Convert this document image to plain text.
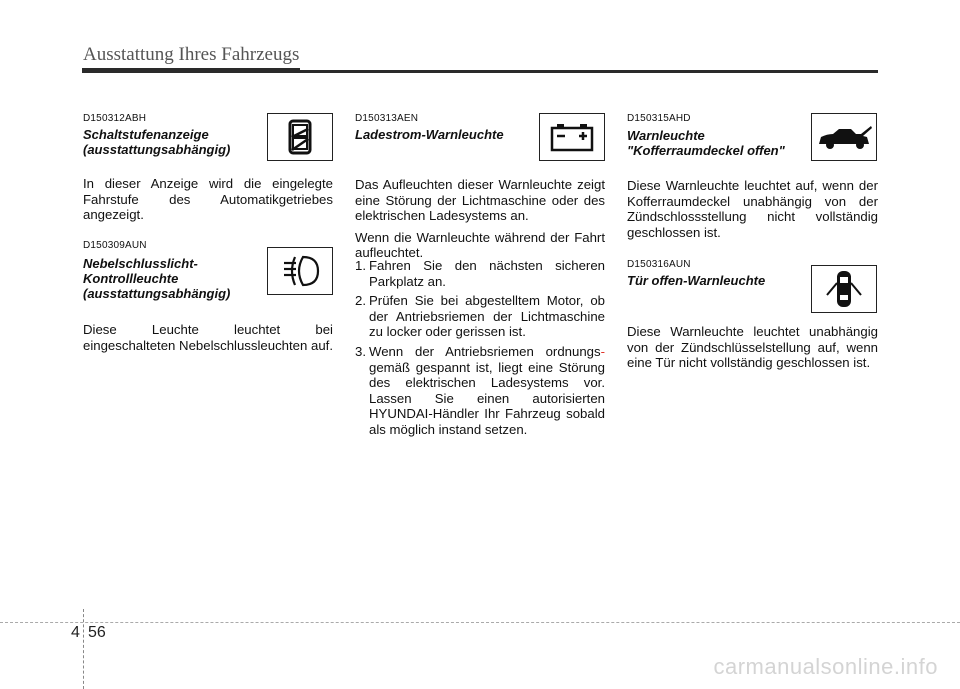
Ausstattung Ihres Fahrzeugs
D150312ABH
Schaltstufenanzeige
(ausstattungsabhängig)
In dieser Anzeige wird die eingelegte Fahrstufe des Automatikgetriebes angezeigt.
D150309AUN
Nebelschlusslicht-
Kontrollleuchte
(ausstattungsabhängig)
Diese Leuchte leuchtet bei eingeschalteten Nebelschlussleuchten auf.
D150313AEN
Ladestrom-Warnleuchte

Das Aufleuchten dieser Warnleuchte zeigt eine Störung der Lichtmaschine oder des elektrischen Ladesystems an.

Wenn die Warnleuchte während der Fahrt aufleuchtet.

1. Fahren Sie den nächsten sicheren Parkplatz an.
2. Prüfen Sie bei abgestelltem Motor, ob der Antriebsriemen der Lichtmaschine zu locker oder gerissen ist.
3. Wenn der Antriebsriemen ordnungs-gemäß gespannt ist, liegt eine Störung des elektrischen Ladesystems vor. Lassen Sie einen autorisierten HYUNDAI-Händler Ihr Fahrzeug sobald als möglich instand setzen.
D150315AHD
Warnleuchte
"Kofferraumdeckel offen"
Diese Warnleuchte leuchtet auf, wenn der Kofferraumdeckel unabhängig von der Zündschlossstellung nicht vollständig geschlossen ist.
D150316AUN
Tür offen-Warnleuchte
Diese Warnleuchte leuchtet unabhängig von der Zündschlüsselstellung auf, wenn eine Tür nicht vollständig geschlossen ist.
4 56
carmanualsonline.info
